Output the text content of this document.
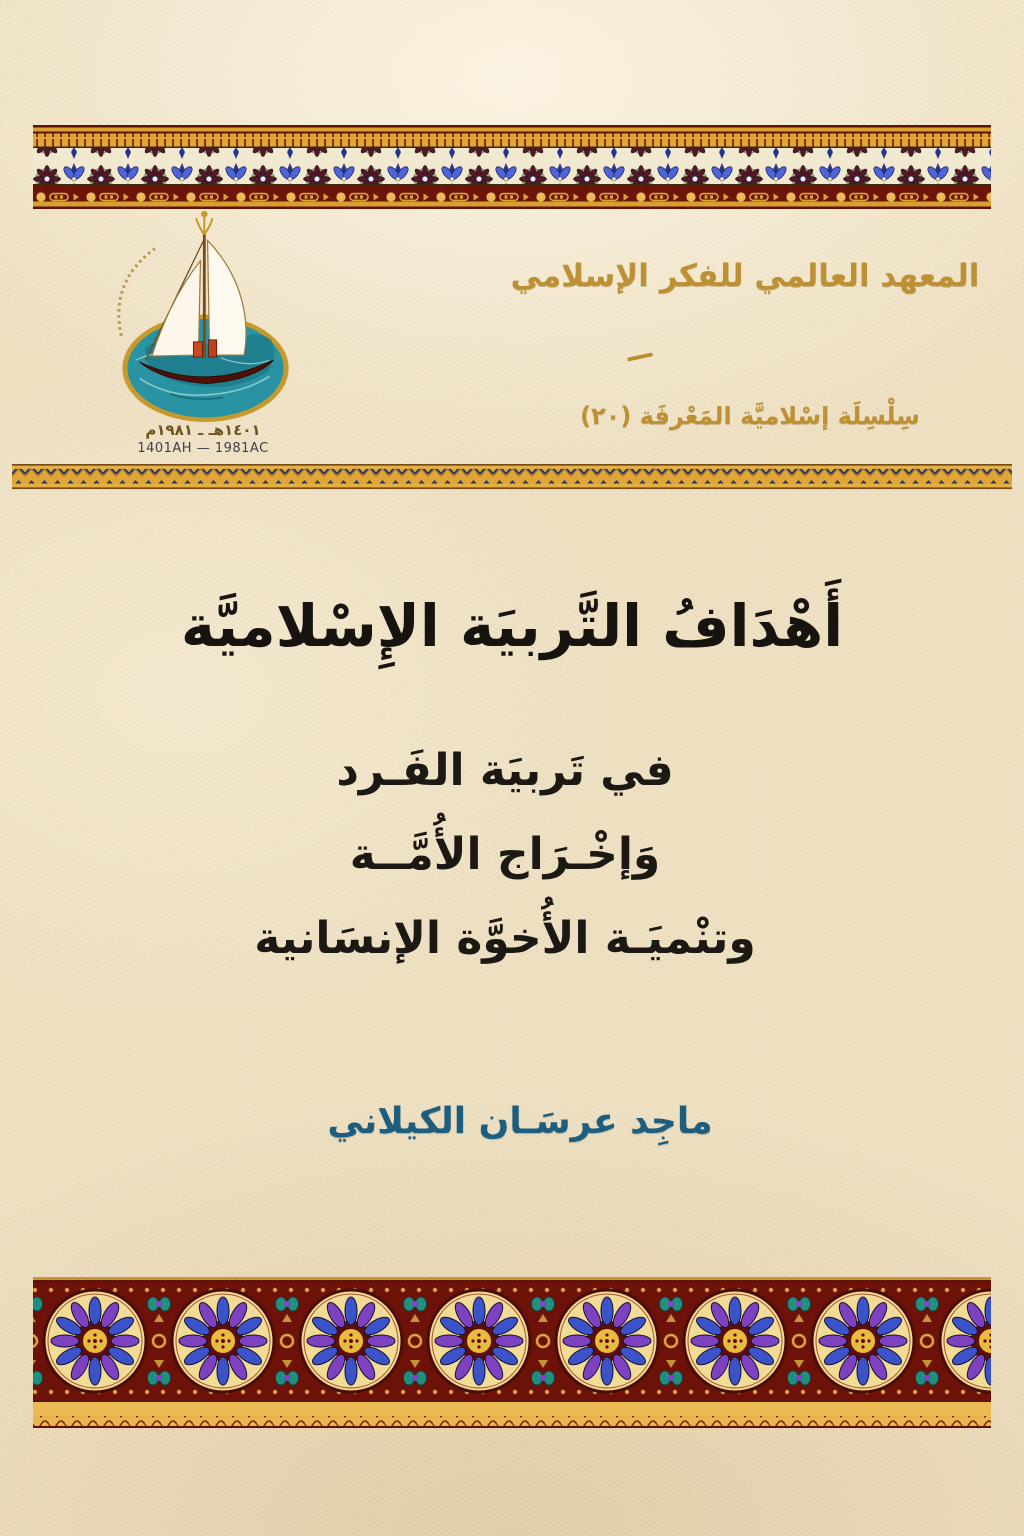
١٤٠١هـ ـ ١٩٨١م
1401AH — 1981AC
المعهد العالمي للفكر الإسلامي
سِلْسِلَة إسْلاميَّة المَعْرفَة (٢٠)
أَهْدَافُ التَّربيَة الإِسْلاميَّة
في تَربيَة الفَـرد
وَإخْـرَاج الأُمَّــة
وتنْميَـة الأُخوَّة الإنسَانية
ماجِد عرسَـان الكيلاني
